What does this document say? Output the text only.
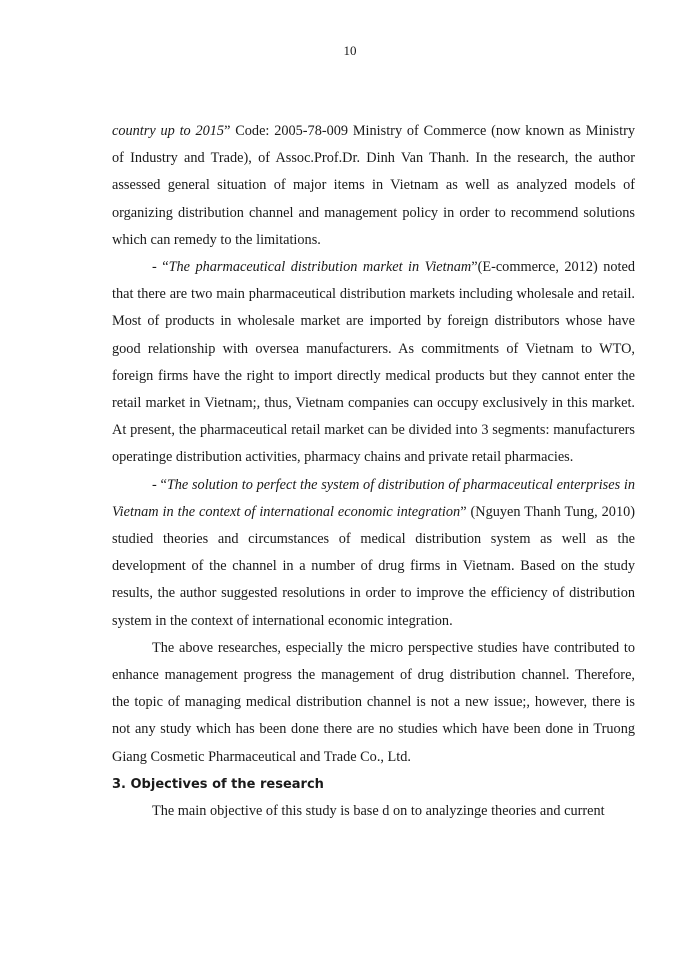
10

country up to 2015” Code: 2005-78-009 Ministry of Commerce (now known as Ministry of Industry and Trade), of Assoc.Prof.Dr. Dinh Van Thanh. In the research, the author assessed general situation of major items in Vietnam as well as analyzed models of organizing distribution channel and management policy in order to recommend solutions which can remedy to the limitations.

- “The pharmaceutical distribution market in Vietnam”(E-commerce, 2012) noted that there are two main pharmaceutical distribution markets including wholesale and retail. Most of products in wholesale market are imported by foreign distributors whose have good relationship with oversea manufacturers. As commitments of Vietnam to WTO, foreign firms have the right to import directly medical products but they cannot enter the retail market in Vietnam;, thus, Vietnam companies can occupy exclusively in this market. At present, the pharmaceutical retail market can be divided into 3 segments: manufacturers operatinge distribution activities, pharmacy chains and private retail pharmacies.

- “The solution to perfect the system of distribution of pharmaceutical enterprises in Vietnam in the context of international economic integration” (Nguyen Thanh Tung, 2010) studied theories and circumstances of medical distribution system as well as the development of the channel in a number of drug firms in Vietnam. Based on the study results, the author suggested resolutions in order to improve the efficiency of distribution system in the context of international economic integration.

The above researches, especially the micro perspective studies have contributed to enhance management progress the management of drug distribution channel. Therefore, the topic of managing medical distribution channel is not a new issue;, however, there is not any study which has been done there are no studies which have been done in Truong Giang Cosmetic Pharmaceutical and Trade Co., Ltd.

3. Objectives of the research

The main objective of this study is base d on to analyzinge theories and current
